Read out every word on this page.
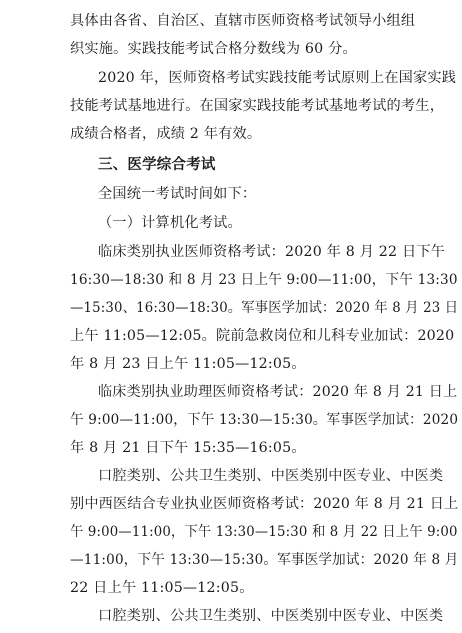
具体由各省、自治区、直辖市医师资格考试领导小组组
织实施。实践技能考试合格分数线为 60 分。
2020 年，医师资格考试实践技能考试原则上在国家实践
技能考试基地进行。在国家实践技能考试基地考试的考生，
成绩合格者，成绩 2 年有效。
三、医学综合考试
全国统一考试时间如下：
（一）计算机化考试。
临床类别执业医师资格考试：2020 年 8 月 22 日下午
16:30—18:30 和 8 月 23 日上午 9:00—11:00，下午 13:30
—15:30、16:30—18:30。军事医学加试：2020 年 8 月 23 日
上午 11:05—12:05。院前急救岗位和儿科专业加试：2020
年 8 月 23 日上午 11:05—12:05。
临床类别执业助理医师资格考试：2020 年 8 月 21 日上
午 9:00—11:00，下午 13:30—15:30。军事医学加试：2020
年 8 月 21 日下午 15:35—16:05。
口腔类别、公共卫生类别、中医类别中医专业、中医类
别中西医结合专业执业医师资格考试：2020 年 8 月 21 日上
午 9:00—11:00，下午 13:30—15:30 和 8 月 22 日上午 9:00
—11:00，下午 13:30—15:30。军事医学加试：2020 年 8 月
22 日上午 11:05—12:05。
口腔类别、公共卫生类别、中医类别中医专业、中医类
